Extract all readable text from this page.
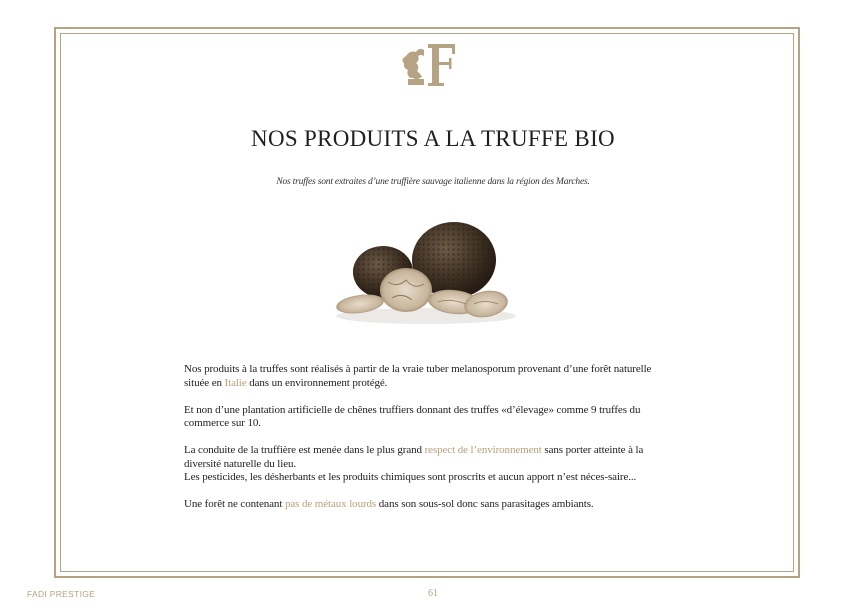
NOS PRODUITS A LA TRUFFE BIO
Nos truffes sont extraites d’une truffière sauvage italienne dans la région des Marches.

Nos produits à la truffes sont réalisés à partir de la vraie tuber melanosporum provenant d’une forêt naturelle située en Italie dans un environnement protégé.

Et non d’une plantation artificielle de chênes truffiers donnant des truffes «d’élevage» comme 9 truffes du commerce sur 10.

La conduite de la truffière est menée dans le plus grand respect de l’environnement sans porter atteinte à la diversité naturelle du lieu.
Les pesticides, les désherbants et les produits chimiques sont proscrits et aucun apport n’est néces-saire...

Une forêt ne contenant pas de métaux lourds dans son sous-sol donc sans parasitages ambiants.

FADI PRESTIGE	61
